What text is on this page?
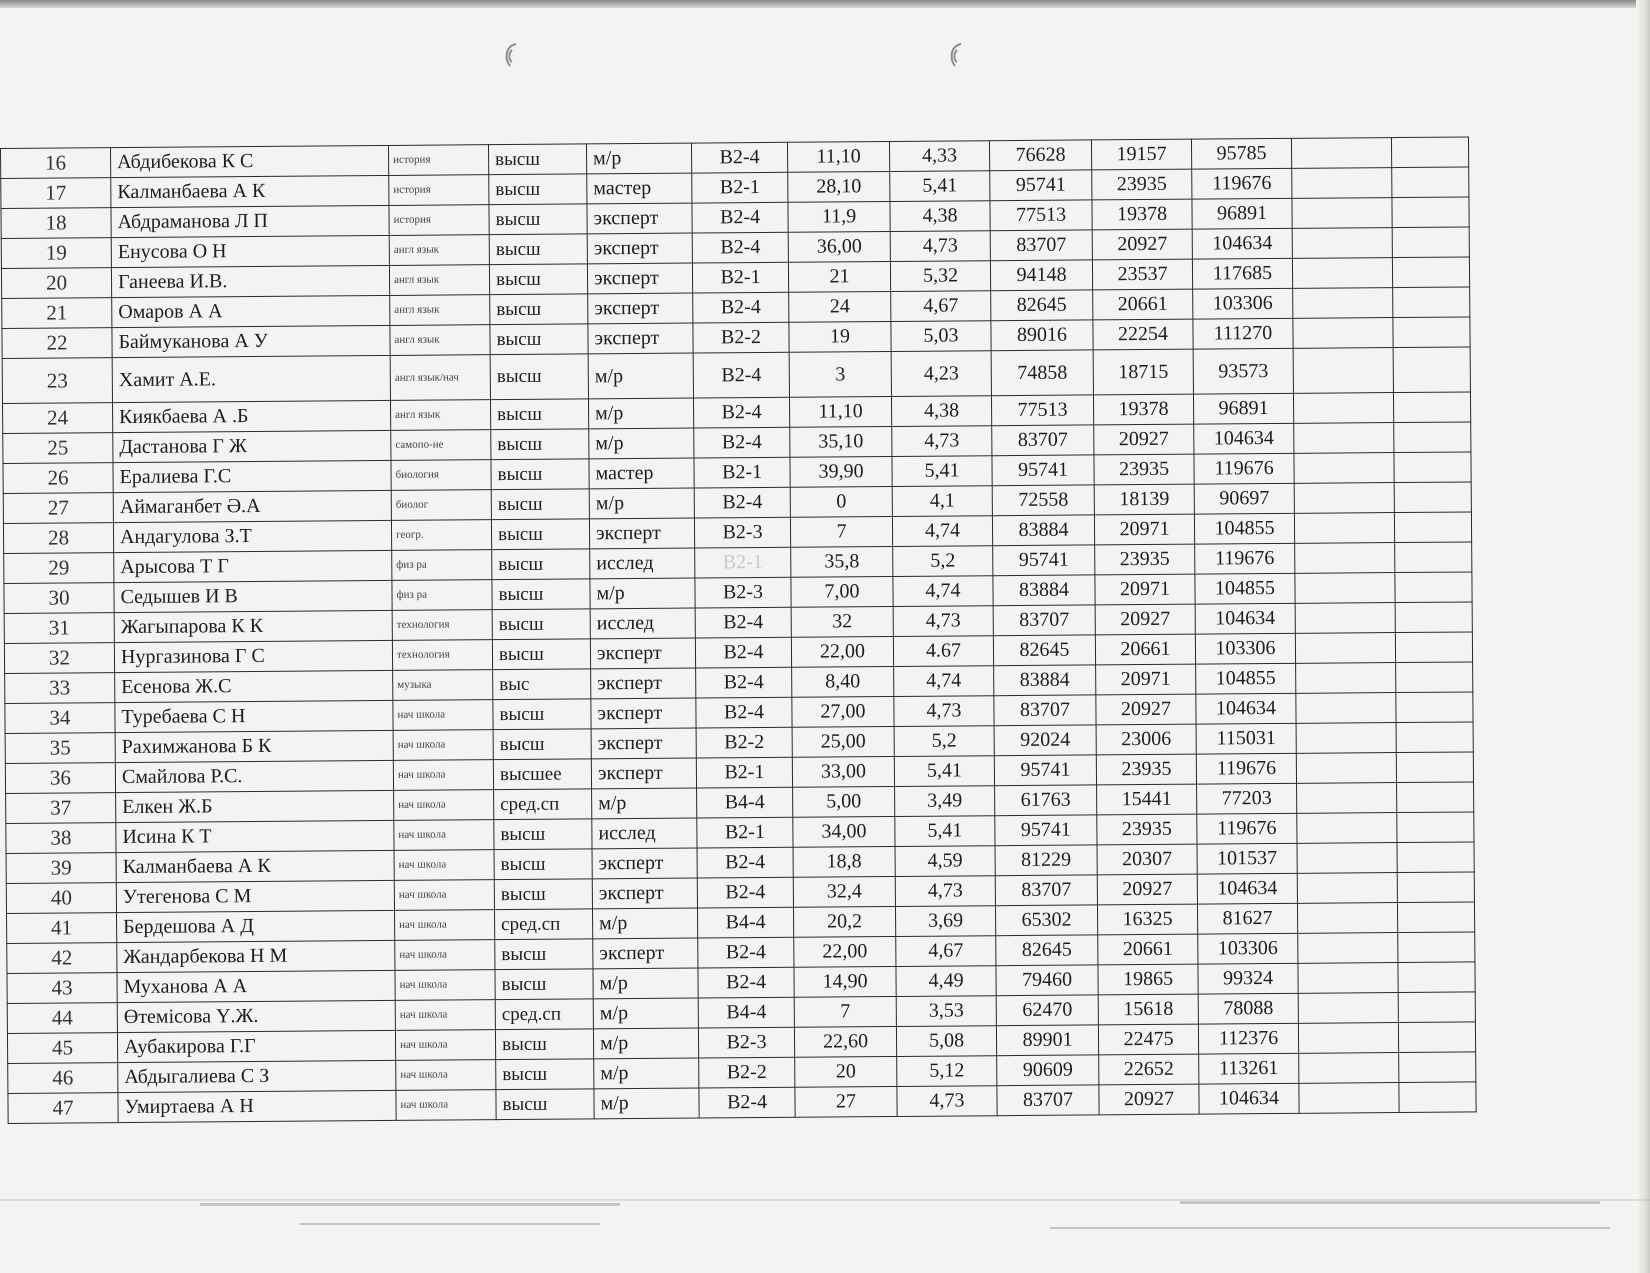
16	Абдибекова К С	история	высш	м/р	В2-4	11,10	4,33	76628	19157	95785		
17	Калманбаева А К	история	высш	мастер	В2-1	28,10	5,41	95741	23935	119676		
18	Абдраманова Л П	история	высш	эксперт	В2-4	11,9	4,38	77513	19378	96891		
19	Енусова О Н	англ язык	высш	эксперт	В2-4	36,00	4,73	83707	20927	104634		
20	Ганеева И.В.	англ язык	высш	эксперт	В2-1	21	5,32	94148	23537	117685		
21	Омаров А А	англ язык	высш	эксперт	В2-4	24	4,67	82645	20661	103306		
22	Баймуканова А У	англ язык	высш	эксперт	В2-2	19	5,03	89016	22254	111270		
23	Хамит А.Е.	англ язык/нач	высш	м/р	В2-4	3	4,23	74858	18715	93573		
24	Киякбаева А .Б	англ язык	высш	м/р	В2-4	11,10	4,38	77513	19378	96891		
25	Дастанова Г Ж	самопо-ие	высш	м/р	В2-4	35,10	4,73	83707	20927	104634		
26	Ералиева Г.С	биология	высш	мастер	В2-1	39,90	5,41	95741	23935	119676		
27	Аймаганбет Ә.А	биолог	высш	м/р	В2-4	0	4,1	72558	18139	90697		
28	Андагулова З.Т	геогр.	высш	эксперт	В2-3	7	4,74	83884	20971	104855		
29	Арысова Т Г	физ ра	высш	исслед	В2-1	35,8	5,2	95741	23935	119676		
30	Седышев И В	физ ра	высш	м/р	В2-3	7,00	4,74	83884	20971	104855		
31	Жагыпарова К К	технология	высш	исслед	В2-4	32	4,73	83707	20927	104634		
32	Нургазинова Г С	технология	высш	эксперт	В2-4	22,00	4.67	82645	20661	103306		
33	Есенова Ж.С	музыка	выс	эксперт	В2-4	8,40	4,74	83884	20971	104855		
34	Туребаева С Н	нач школа	высш	эксперт	В2-4	27,00	4,73	83707	20927	104634		
35	Рахимжанова Б К	нач школа	высш	эксперт	В2-2	25,00	5,2	92024	23006	115031		
36	Смайлова Р.С.	нач школа	высшее	эксперт	В2-1	33,00	5,41	95741	23935	119676		
37	Елкен Ж.Б	нач школа	сред.сп	м/р	В4-4	5,00	3,49	61763	15441	77203		
38	Исина К Т	нач школа	высш	исслед	В2-1	34,00	5,41	95741	23935	119676		
39	Калманбаева А К	нач школа	высш	эксперт	В2-4	18,8	4,59	81229	20307	101537		
40	Утегенова С М	нач школа	высш	эксперт	В2-4	32,4	4,73	83707	20927	104634		
41	Бердешова А Д	нач школа	сред.сп	м/р	В4-4	20,2	3,69	65302	16325	81627		
42	Жандарбекова Н М	нач школа	высш	эксперт	В2-4	22,00	4,67	82645	20661	103306		
43	Муханова А А	нач школа	высш	м/р	В2-4	14,90	4,49	79460	19865	99324		
44	Өтемісова Ү.Ж.	нач школа	сред.сп	м/р	В4-4	7	3,53	62470	15618	78088		
45	Аубакирова Г.Г	нач школа	высш	м/р	В2-3	22,60	5,08	89901	22475	112376		
46	Абдыгалиева С З	нач школа	высш	м/р	В2-2	20	5,12	90609	22652	113261		
47	Умиртаева А Н	нач школа	высш	м/р	В2-4	27	4,73	83707	20927	104634		
